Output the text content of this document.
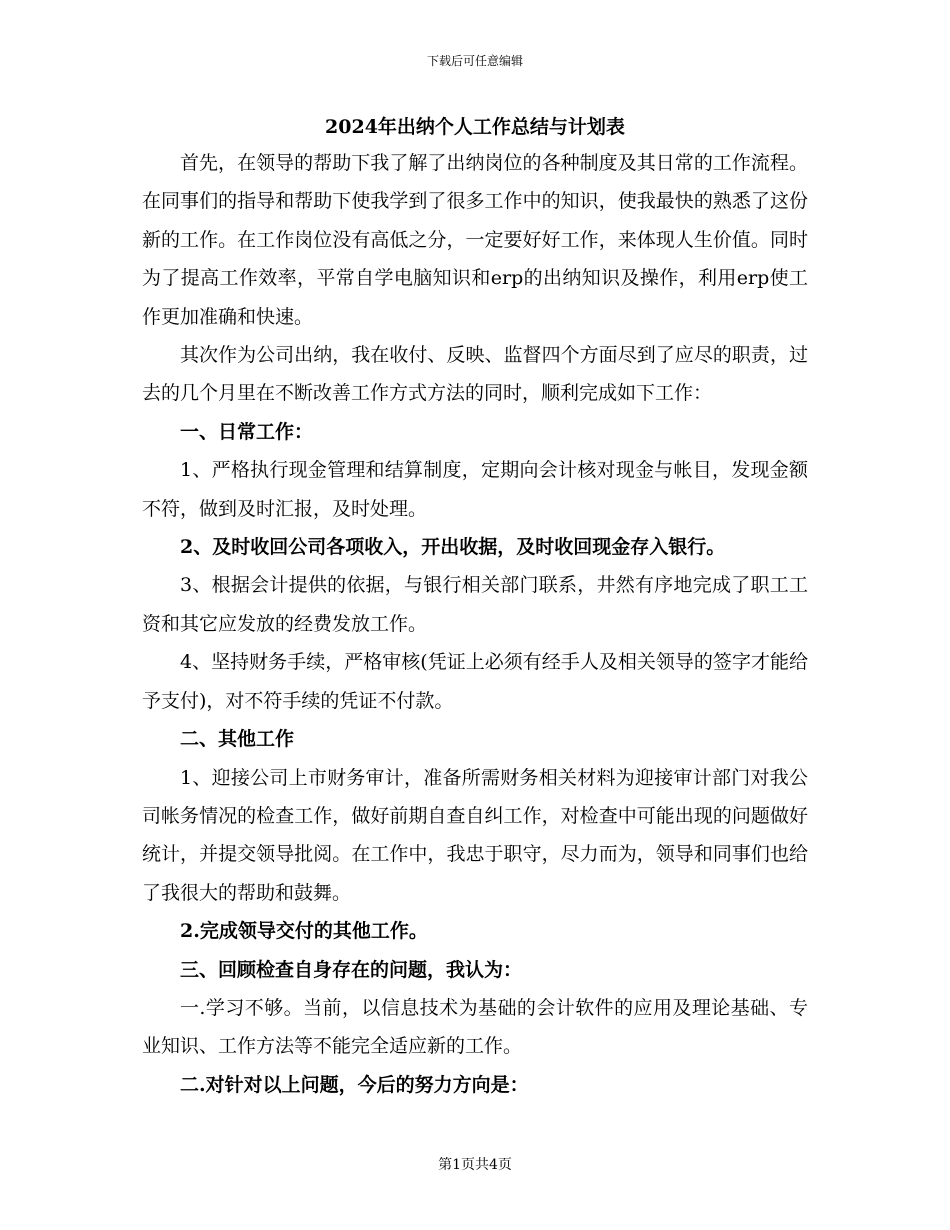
下载后可任意编辑
2024年出纳个人工作总结与计划表

首先，在领导的帮助下我了解了出纳岗位的各种制度及其日常的工作流程。在同事们的指导和帮助下使我学到了很多工作中的知识，使我最快的熟悉了这份新的工作。在工作岗位没有高低之分，一定要好好工作，来体现人生价值。同时为了提高工作效率，平常自学电脑知识和erp的出纳知识及操作，利用erp使工作更加准确和快速。

其次作为公司出纳，我在收付、反映、监督四个方面尽到了应尽的职责，过去的几个月里在不断改善工作方式方法的同时，顺利完成如下工作：

一、日常工作：

1、严格执行现金管理和结算制度，定期向会计核对现金与帐目，发现金额不符，做到及时汇报，及时处理。

2、及时收回公司各项收入，开出收据，及时收回现金存入银行。

3、根据会计提供的依据，与银行相关部门联系，井然有序地完成了职工工资和其它应发放的经费发放工作。

4、坚持财务手续，严格审核(凭证上必须有经手人及相关领导的签字才能给予支付)，对不符手续的凭证不付款。

二、其他工作

1、迎接公司上市财务审计，准备所需财务相关材料为迎接审计部门对我公司帐务情况的检查工作，做好前期自查自纠工作，对检查中可能出现的问题做好统计，并提交领导批阅。在工作中，我忠于职守，尽力而为，领导和同事们也给了我很大的帮助和鼓舞。

2.完成领导交付的其他工作。

三、回顾检查自身存在的问题，我认为：

一.学习不够。当前，以信息技术为基础的会计软件的应用及理论基础、专业知识、工作方法等不能完全适应新的工作。

二.对针对以上问题，今后的努力方向是：

第1页共4页
